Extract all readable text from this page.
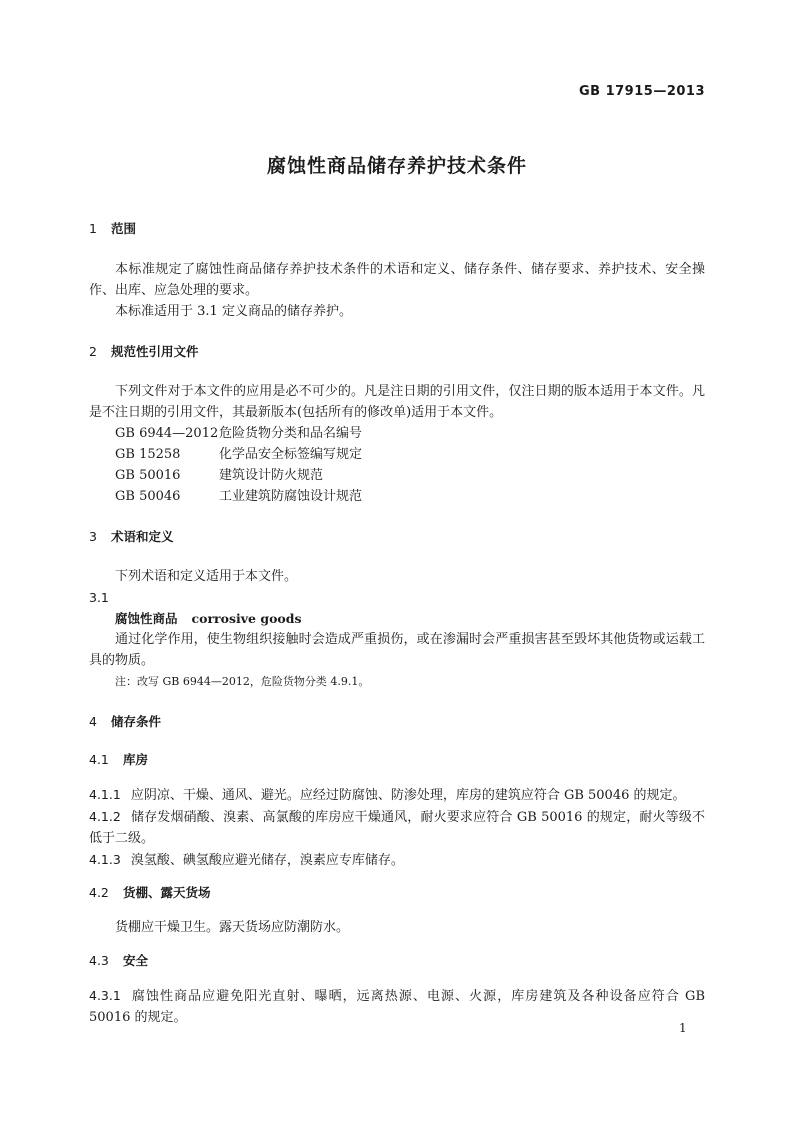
GB 17915—2013
腐蚀性商品储存养护技术条件
1 范围

本标准规定了腐蚀性商品储存养护技术条件的术语和定义、储存条件、储存要求、养护技术、安全操作、出库、应急处理的要求。

本标准适用于 3.1 定义商品的储存养护。

2 规范性引用文件

下列文件对于本文件的应用是必不可少的。凡是注日期的引用文件，仅注日期的版本适用于本文件。凡是不注日期的引用文件，其最新版本(包括所有的修改单)适用于本文件。

GB 6944—2012危险货物分类和品名编号

GB 15258	化学品安全标签编写规定

GB 50016	建筑设计防火规范

GB 50046	工业建筑防腐蚀设计规范

3 术语和定义

下列术语和定义适用于本文件。

3.1

腐蚀性商品 corrosive goods

通过化学作用，使生物组织接触时会造成严重损伤，或在渗漏时会严重损害甚至毁坏其他货物或运载工具的物质。

注：改写 GB 6944—2012，危险货物分类 4.9.1。

4 储存条件
4.1 库房

4.1.1 应阴凉、干燥、通风、避光。应经过防腐蚀、防渗处理，库房的建筑应符合 GB 50046 的规定。

4.1.2 储存发烟硝酸、溴素、高氯酸的库房应干燥通风，耐火要求应符合 GB 50016 的规定，耐火等级不低于二级。

4.1.3 溴氢酸、碘氢酸应避光储存，溴素应专库储存。

4.2 货棚、露天货场

货棚应干燥卫生。露天货场应防潮防水。

4.3 安全

4.3.1 腐蚀性商品应避免阳光直射、曝晒，远离热源、电源、火源，库房建筑及各种设备应符合 GB 50016 的规定。

1
